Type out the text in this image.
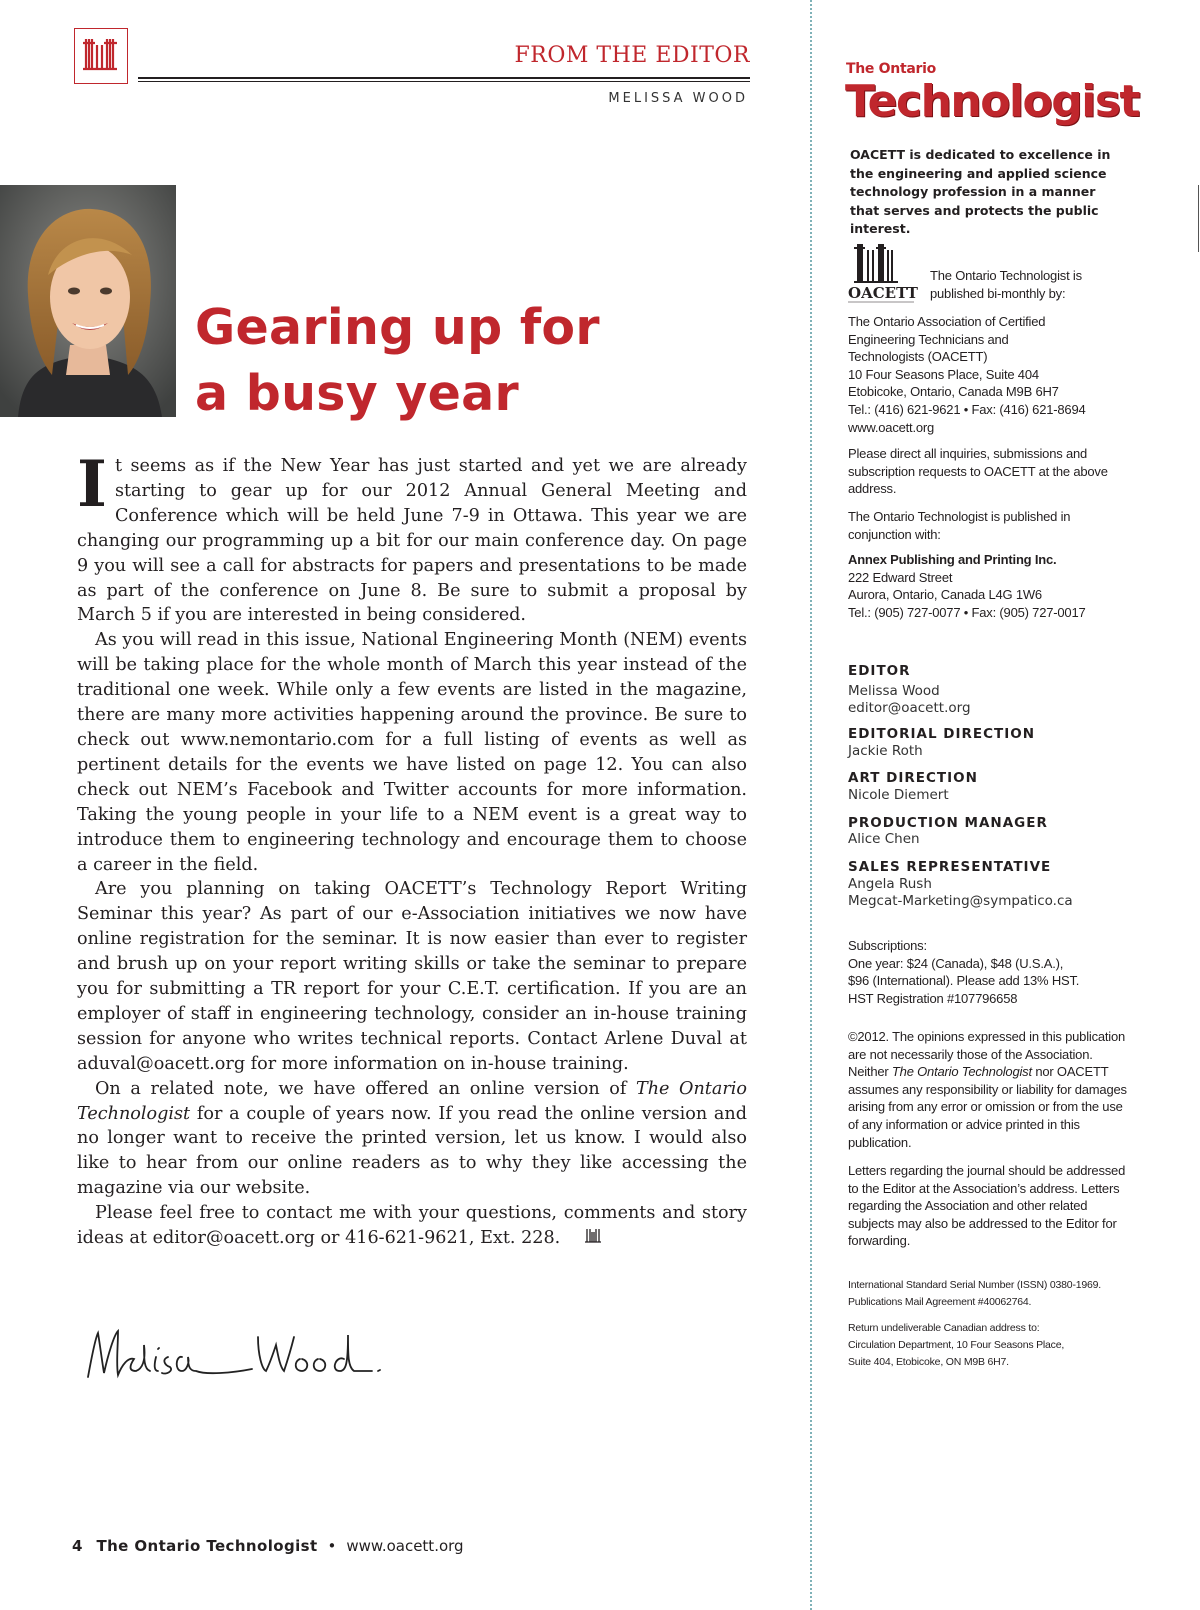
FROM THE EDITOR
MELISSA WOOD
Gearing up for
a busy year

It seems as if the New Year has just started and yet we are already starting to gear up for our 2012 Annual General Meeting and Conference which will be held June 7-9 in Ottawa. This year we are changing our programming up a bit for our main conference day. On page 9 you will see a call for abstracts for papers and presentations to be made as part of the conference on June 8. Be sure to submit a proposal by March 5 if you are interested in being considered.

As you will read in this issue, National Engineering Month (NEM) events will be taking place for the whole month of March this year instead of the traditional one week. While only a few events are listed in the magazine, there are many more activities happening around the province. Be sure to check out www.nemontario.com for a full listing of events as well as pertinent details for the events we have listed on page 12. You can also check out NEM’s Facebook and Twitter accounts for more information. Taking the young people in your life to a NEM event is a great way to introduce them to engineering technology and encourage them to choose a career in the field.

Are you planning on taking OACETT’s Technology Report Writing Seminar this year? As part of our e-Association initiatives we now have online registration for the seminar. It is now easier than ever to register and brush up on your report writing skills or take the seminar to prepare you for submitting a TR report for your C.E.T. certification. If you are an employer of staff in engineering technology, consider an in-house training session for anyone who writes technical reports. Contact Arlene Duval at aduval@oacett.org for more information on in-house training.

On a related note, we have offered an online version of The Ontario Technologist for a couple of years now. If you read the online version and no longer want to receive the printed version, let us know. I would also like to hear from our online readers as to why they like accessing the magazine via our website.

Please feel free to contact me with your questions, comments and story ideas at editor@oacett.org or 416-621-9621, Ext. 228.

4 The Ontario Technologist • www.oacett.org
The Ontario
Technologist
OACETT is dedicated to excellence in the engineering and applied science technology profession in a manner that serves and protects the public interest.
OACETT
The Ontario Technologist is published bi-monthly by:
The Ontario Association of Certified
Engineering Technicians and
Technologists (OACETT)
10 Four Seasons Place, Suite 404
Etobicoke, Ontario, Canada M9B 6H7
Tel.: (416) 621-9621 • Fax: (416) 621-8694
www.oacett.org
Please direct all inquiries, submissions and subscription requests to OACETT at the above address.
The Ontario Technologist is published in conjunction with:
Annex Publishing and Printing Inc.
222 Edward Street
Aurora, Ontario, Canada L4G 1W6
Tel.: (905) 727-0077 • Fax: (905) 727-0017
EDITOR
Melissa Wood
editor@oacett.org
EDITORIAL DIRECTION
Jackie Roth
ART DIRECTION
Nicole Diemert
PRODUCTION MANAGER
Alice Chen
SALES REPRESENTATIVE
Angela Rush
Megcat-Marketing@sympatico.ca
Subscriptions:
One year: $24 (Canada), $48 (U.S.A.),
$96 (International). Please add 13% HST.
HST Registration #107796658
©2012. The opinions expressed in this publication are not necessarily those of the Association. Neither The Ontario Technologist nor OACETT assumes any responsibility or liability for damages arising from any error or omission or from the use of any information or advice printed in this publication.
Letters regarding the journal should be addressed to the Editor at the Association’s address. Letters regarding the Association and other related subjects may also be addressed to the Editor for forwarding.
International Standard Serial Number (ISSN) 0380-1969.
Publications Mail Agreement #40062764.
Return undeliverable Canadian address to:
Circulation Department, 10 Four Seasons Place,
Suite 404, Etobicoke, ON M9B 6H7.
